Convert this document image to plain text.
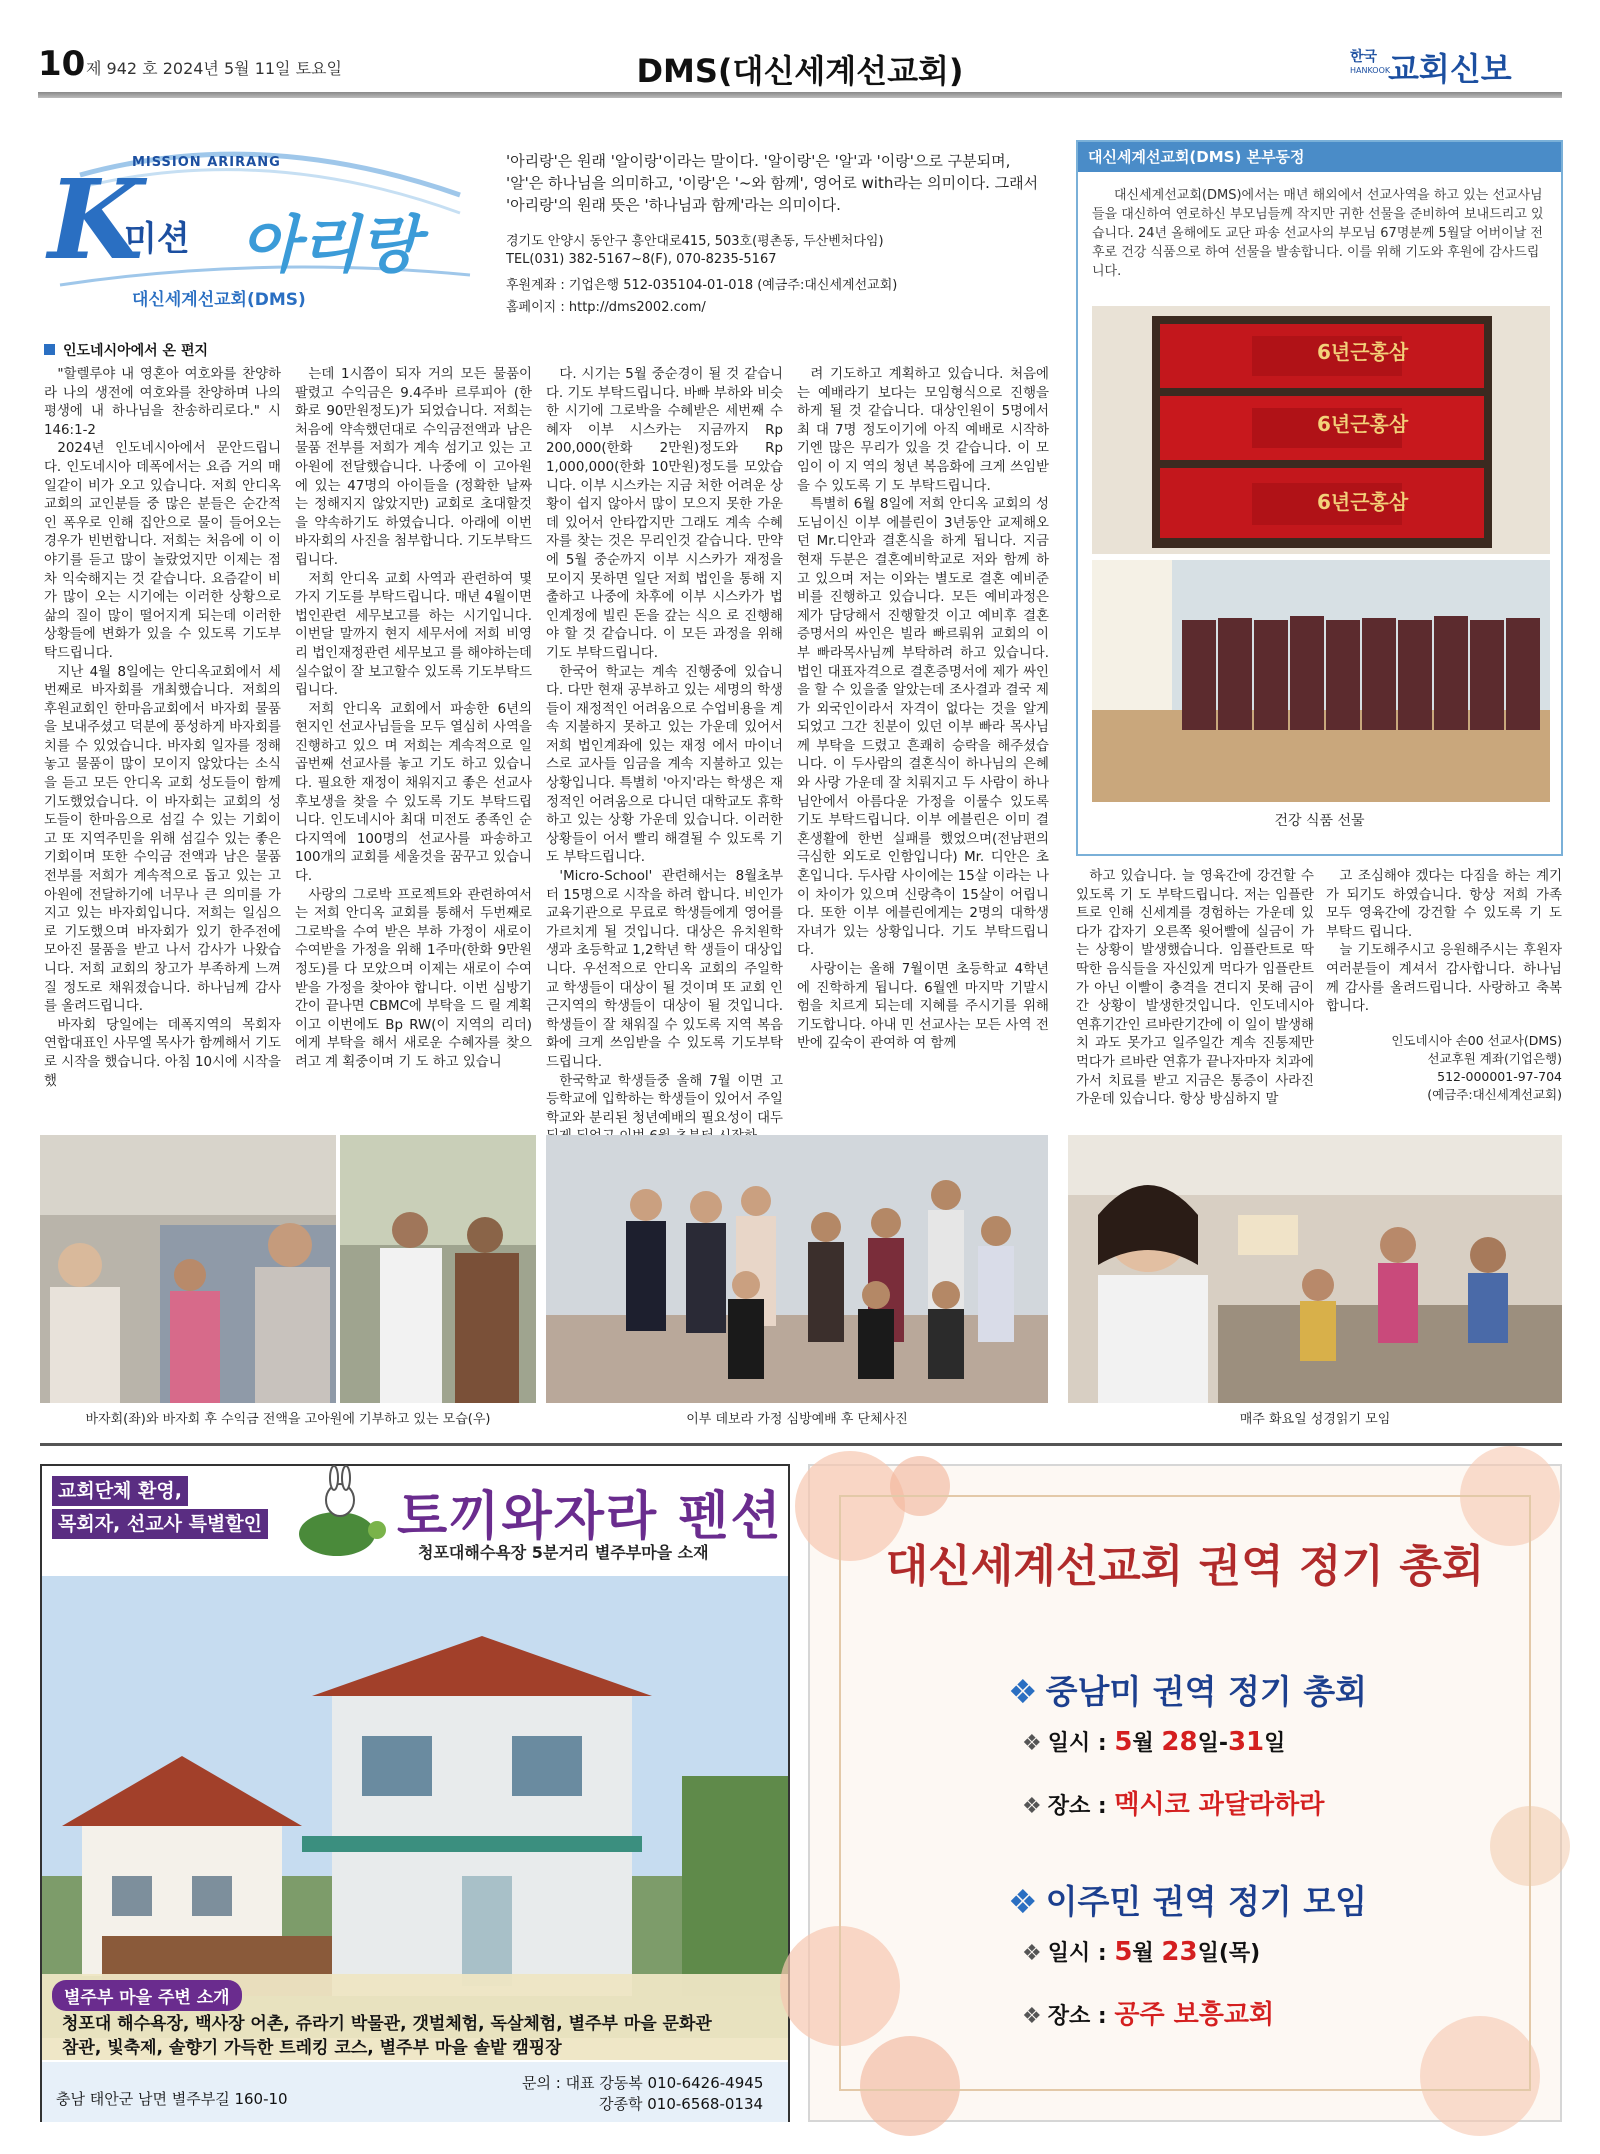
10 제 942 호 2024년 5월 11일 토요일	DMS(대신세계선교회)	한국
HANKOOK
교회신보
MISSION ARIRANG
K
미션 아리랑
대신세계선교회(DMS)
'아리랑'은 원래 '알이랑'이라는 말이다. '알이랑'은 '알'과 '이랑'으로 구분되며, '알'은 하나님을 의미하고, '이랑'은 '~와 함께', 영어로 with라는 의미이다. 그래서 '아리랑'의 원래 뜻은 '하나님과 함께'라는 의미이다.
경기도 안양시 동안구 흥안대로415, 503호(평촌동, 두산벤처다임)
TEL(031) 382-5167~8(F), 070-8235-5167
후원계좌 : 기업은행 512-035104-01-018 (예금주:대신세계선교회)
홈페이지 : http://dms2002.com/
대신세계선교회(DMS) 본부동정
대신세계선교회(DMS)에서는 매년 해외에서 선교사역을 하고 있는 선교사님들을 대신하여 연로하신 부모님들께 작지만 귀한 선물을 준비하여 보내드리고 있습니다. 24년 올해에도 교단 파송 선교사의 부모님 67명분께 5월달 어버이날 전후로 건강 식품으로 하여 선물을 발송합니다. 이를 위해 기도와 후원에 감사드립니다.
6년근홍삼
6년근홍삼
6년근홍삼
건강 식품 선물
인도네시아에서 온 편지

"할렐루야 내 영혼아 여호와를 찬양하라 나의 생전에 여호와를 찬양하며 나의 평생에 내 하나님을 찬송하리로다." 시 146:1-2

2024년 인도네시아에서 문안드립니다. 인도네시아 데폭에서는 요즘 거의 매일같이 비가 오고 있습니다. 저희 안디옥 교회의 교인분들 중 많은 분들은 순간적인 폭우로 인해 집안으로 물이 들어오는 경우가 빈번합니다. 저희는 처음에 이 이야기를 듣고 많이 놀랐었지만 이제는 점차 익숙해지는 것 같습니다. 요즘같이 비가 많이 오는 시기에는 이러한 상황으로 삶의 질이 많이 떨어지게 되는데 이러한 상황들에 변화가 있을 수 있도록 기도부탁드립니다.

지난 4월 8일에는 안디옥교회에서 세번째로 바자회를 개최했습니다. 저희의 후원교회인 한마음교회에서 바자회 물품을 보내주셨고 덕분에 풍성하게 바자회를 치를 수 있었습니다. 바자회 일자를 정해놓고 물품이 많이 모이지 않았다는 소식을 듣고 모든 안디옥 교회 성도들이 함께 기도했었습니다. 이 바자회는 교회의 성도들이 한마음으로 섬길 수 있는 기회이고 또 지역주민을 위해 섬길수 있는 좋은 기회이며 또한 수익금 전액과 남은 물품 전부를 저희가 계속적으로 돕고 있는 고아원에 전달하기에 너무나 큰 의미를 가지고 있는 바자회입니다. 저희는 일심으로 기도했으며 바자회가 있기 한주전에 모아진 물품을 받고 나서 감사가 나왔습니다. 저희 교회의 창고가 부족하게 느껴질 정도로 채워졌습니다. 하나님께 감사를 올려드립니다.

바자회 당일에는 데폭지역의 목회자 연합대표인 사무엘 목사가 함께해서 기도로 시작을 했습니다. 아침 10시에 시작을 했

는데 1시쯤이 되자 거의 모든 물품이 팔렸고 수익금은 9.4주바 르루피아 (한화로 90만원정도)가 되었습니다. 저희는 처음에 약속했던대로 수익금전액과 남은 물품 전부를 저희가 계속 섬기고 있는 고아원에 전달했습니다. 나중에 이 고아원에 있는 47명의 아이들을 (정확한 날짜는 정해지지 않았지만) 교회로 초대할것을 약속하기도 하였습니다. 아래에 이번 바자회의 사진을 첨부합니다. 기도부탁드립니다.

저희 안디옥 교회 사역과 관련하여 몇 가지 기도를 부탁드립니다. 매년 4월이면 법인관련 세무보고를 하는 시기입니다. 이번달 말까지 현지 세무서에 저희 비영리 법인재정관련 세무보고 를 해야하는데 실수없이 잘 보고할수 있도록 기도부탁드립니다.

저희 안디옥 교회에서 파송한 6년의 현지인 선교사님들을 모두 열심히 사역을 진행하고 있으 며 저희는 계속적으로 일곱번째 선교사를 놓고 기도 하고 있습니다. 필요한 재정이 채워지고 좋은 선교사 후보생을 찾을 수 있도록 기도 부탁드립니다. 인도네시아 최대 미전도 종족인 순다지역에 100명의 선교사를 파송하고 100개의 교회를 세울것을 꿈꾸고 있습니다.

사랑의 그로박 프로젝트와 관련하여서는 저희 안디옥 교회를 통해서 두번째로 그로박을 수여 받은 부하 가정이 새로이 수여받을 가정을 위해 1주마(한화 9만원 정도)를 다 모았으며 이제는 새로이 수여받을 가정을 찾아야 합니다. 이번 심방기간이 끝나면 CBMC에 부탁을 드 릴 계획이고 이번에도 Bp RW(이 지역의 리더)에게 부탁을 해서 새로운 수혜자를 찾으려고 계 획중이며 기 도 하고 있습니

다. 시기는 5월 중순경이 될 것 같습니다. 기도 부탁드립니다. 바빠 부하와 비슷한 시기에 그로박을 수혜받은 세번째 수혜자 이부 시스카는 지금까지 Rp 200,000(한화 2만원)정도와 Rp 1,000,000(한화 10만원)정도를 모았습니다. 이부 시스카는 지금 처한 어려운 상황이 쉽지 않아서 많이 모으지 못한 가운데 있어서 안타깝지만 그래도 계속 수혜자를 찾는 것은 무리인것 같습니다. 만약에 5월 중순까지 이부 시스카가 재정을 모이지 못하면 일단 저희 법인을 통해 지출하고 나중에 차후에 이부 시스카가 법인계정에 빌린 돈을 갚는 식으 로 진행해야 할 것 같습니다. 이 모든 과정을 위해 기도 부탁드립니다.

한국어 학교는 계속 진행중에 있습니다. 다만 현재 공부하고 있는 세명의 학생들이 재정적인 어려움으로 수업비용을 계속 지불하지 못하고 있는 가운데 있어서 저희 법인계좌에 있는 재정 에서 마이너스로 교사들 임금을 계속 지불하고 있는 상황입니다. 특별히 '아지'라는 학생은 재 정적인 어려움으로 다니던 대학교도 휴학하고 있는 상황 가운데 있습니다. 이러한 상황들이 어서 빨리 해결될 수 있도록 기도 부탁드립니다.

'Micro-School' 관련해서는 8월초부터 15명으로 시작을 하려 합니다. 비인가 교육기관으로 무료로 학생들에게 영어를 가르치게 될 것입니다. 대상은 유치원학생과 초등학교 1,2학년 학 생들이 대상입니다. 우선적으로 안디옥 교회의 주일학교 학생들이 대상이 될 것이며 또 교회 인근지역의 학생들이 대상이 될 것입니다. 학생들이 잘 채워질 수 있도록 지역 복음화에 크게 쓰임받을 수 있도록 기도부탁드립니다.

한국학교 학생들중 올해 7월 이면 고등학교에 입학하는 학생들이 있어서 주일학교와 분리된 청년예배의 필요성이 대두

려 기도하고 계획하고 있습니다. 처음에는 예배라기 보다는 모임형식으로 진행을 하게 될 것 같습니다. 대상인원이 5명에서 최 대 7명 정도이기에 아직 예배로 시작하기엔 많은 무리가 있을 것 같습니다. 이 모임이 이 지 역의 청년 복음화에 크게 쓰임받을 수 있도록 기 도 부탁드립니다.

특별히 6월 8일에 저희 안디옥 교회의 성도님이신 이부 에블린이 3년동안 교제해오던 Mr.디안과 결혼식을 하게 됩니다. 지금 현재 두분은 결혼예비학교로 저와 함께 하고 있으며 저는 이와는 별도로 결혼 예비준비를 진행하고 있습니다. 모든 예비과정은 제가 담당해서 진행할것 이고 예비후 결혼증명서의 싸인은 빌라 빠르뤄위 교회의 이부 빠라목사님께 부탁하려 하고 있습니다. 법인 대표자격으로 결혼증명서에 제가 싸인을 할 수 있을줄 알았는데 조사결과 결국 제가 외국인이라서 자격이 없다는 것을 알게되었고 그간 친분이 있던 이부 빠라 목사님께 부탁을 드렸고 흔쾌히 승락을 해주셨습니다. 이 두사람의 결혼식이 하나님의 은혜와 사랑 가운데 잘 치뤄지고 두 사람이 하나님안에서 아름다운 가정을 이룰수 있도록 기도 부탁드립니다. 이부 에블린은 이미 결혼생활에 한번 실패를 했었으며(전남편의 극심한 외도로 인함입니다) Mr. 디안은 초혼입니다. 두사람 사이에는 15살 이라는 나이 차이가 있으며 신랑측이 15살이 어립니다. 또한 이부 에블린에게는 2명의 대학생 자녀가 있는 상황입니다. 기도 부탁드립니다.

사랑이는 올해 7월이면 초등학교 4학년에 진학하게 됩니다. 6월엔 마지막 기말시험을 치르게 되는데 지혜를 주시기를 위해 기도합니다. 아내 민 선교사는 모든 사역 전반에 깊숙이 관여하 여 함께

하고 있습니다. 늘 영육간에 강건할 수 있도록 기 도 부탁드립니다. 저는 임플란트로 인해 신세계를 경험하는 가운데 있다가 갑자기 오른쪽 윗어빨에 실금이 가는 상황이 발생했습니다. 임플란트로 딱딱한 음식들을 자신있게 먹다가 임플란트가 아닌 이빨이 충격을 견디지 못해 금이간 상황이 발생한것입니다. 인도네시아 연휴기간인 르바란기간에 이 일이 발생해 치 과도 못가고 일주일간 계속 진통제만 먹다가 르바란 연휴가 끝나자마자 치과에 가서 치료를 받고 지금은 통증이 사라진 가운데 있습니다. 항상 방심하지 말

고 조심해야 겠다는 다짐을 하는 계기가 되기도 하였습니다. 항상 저희 가족 모두 영육간에 강건할 수 있도록 기 도 부탁드 립니다.

늘 기도해주시고 응원해주시는 후원자 여러분들이 계셔서 감사합니다. 하나님께 감사를 올려드립니다. 사랑하고 축복합니다.

인도네시아 손00 선교사(DMS)
선교후원 계좌(기업은행)
512-000001-97-704
(예금주:대신세계선교회)
바자회(좌)와 바자회 후 수익금 전액을 고아원에 기부하고 있는 모습(우)	이부 데보라 가정 심방예배 후 단체사진	매주 화요일 성경읽기 모임
교회단체 환영,
목회자, 선교사 특별할인	토끼와자라 펜션
청포대해수욕장 5분거리 별주부마을 소재
별주부 마을 주변 소개
청포대 해수욕장, 백사장 어촌, 쥬라기 박물관, 갯벌체험, 독살체험, 별주부 마을 문화관
참관, 빛축제, 솔향기 가득한 트레킹 코스, 별주부 마을 솔밭 캠핑장
충남 태안군 남면 별주부길 160-10
문의 : 대표 강동복 010-6426-4945
강종학 010-6568-0134
대신세계선교회 권역 정기 총회
❖ 중남미 권역 정기 총회
❖ 일시 : 5월 28일-31일
❖ 장소 : 멕시코 과달라하라
❖ 이주민 권역 정기 모임
❖ 일시 : 5월 23일(목)
❖ 장소 : 공주 보흥교회
